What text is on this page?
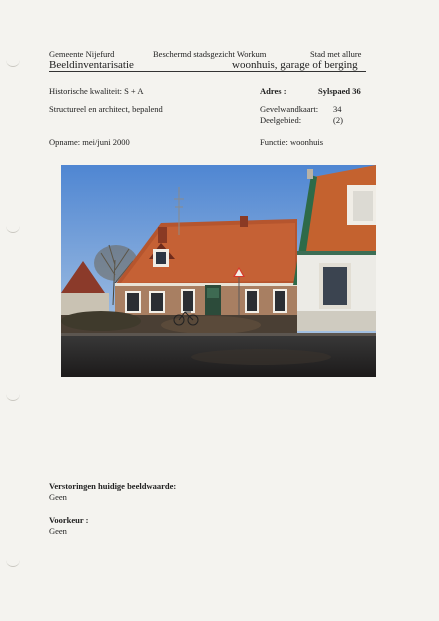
Gemeente Nijefurd	Beschermd stadsgezicht Workum	Stad met allure
Beeldinventarisatie	woonhuis, garage of berging
Historische kwaliteit: S + A	Adres :	Sylspaed 36
Structureel en architect, bepalend	Gevelwandkaart: 34
Deelgebied:	(2)
Opname: mei/juni 2000	Functie: woonhuis
Verstoringen huidige beeldwaarde:
Geen
Voorkeur :
Geen
